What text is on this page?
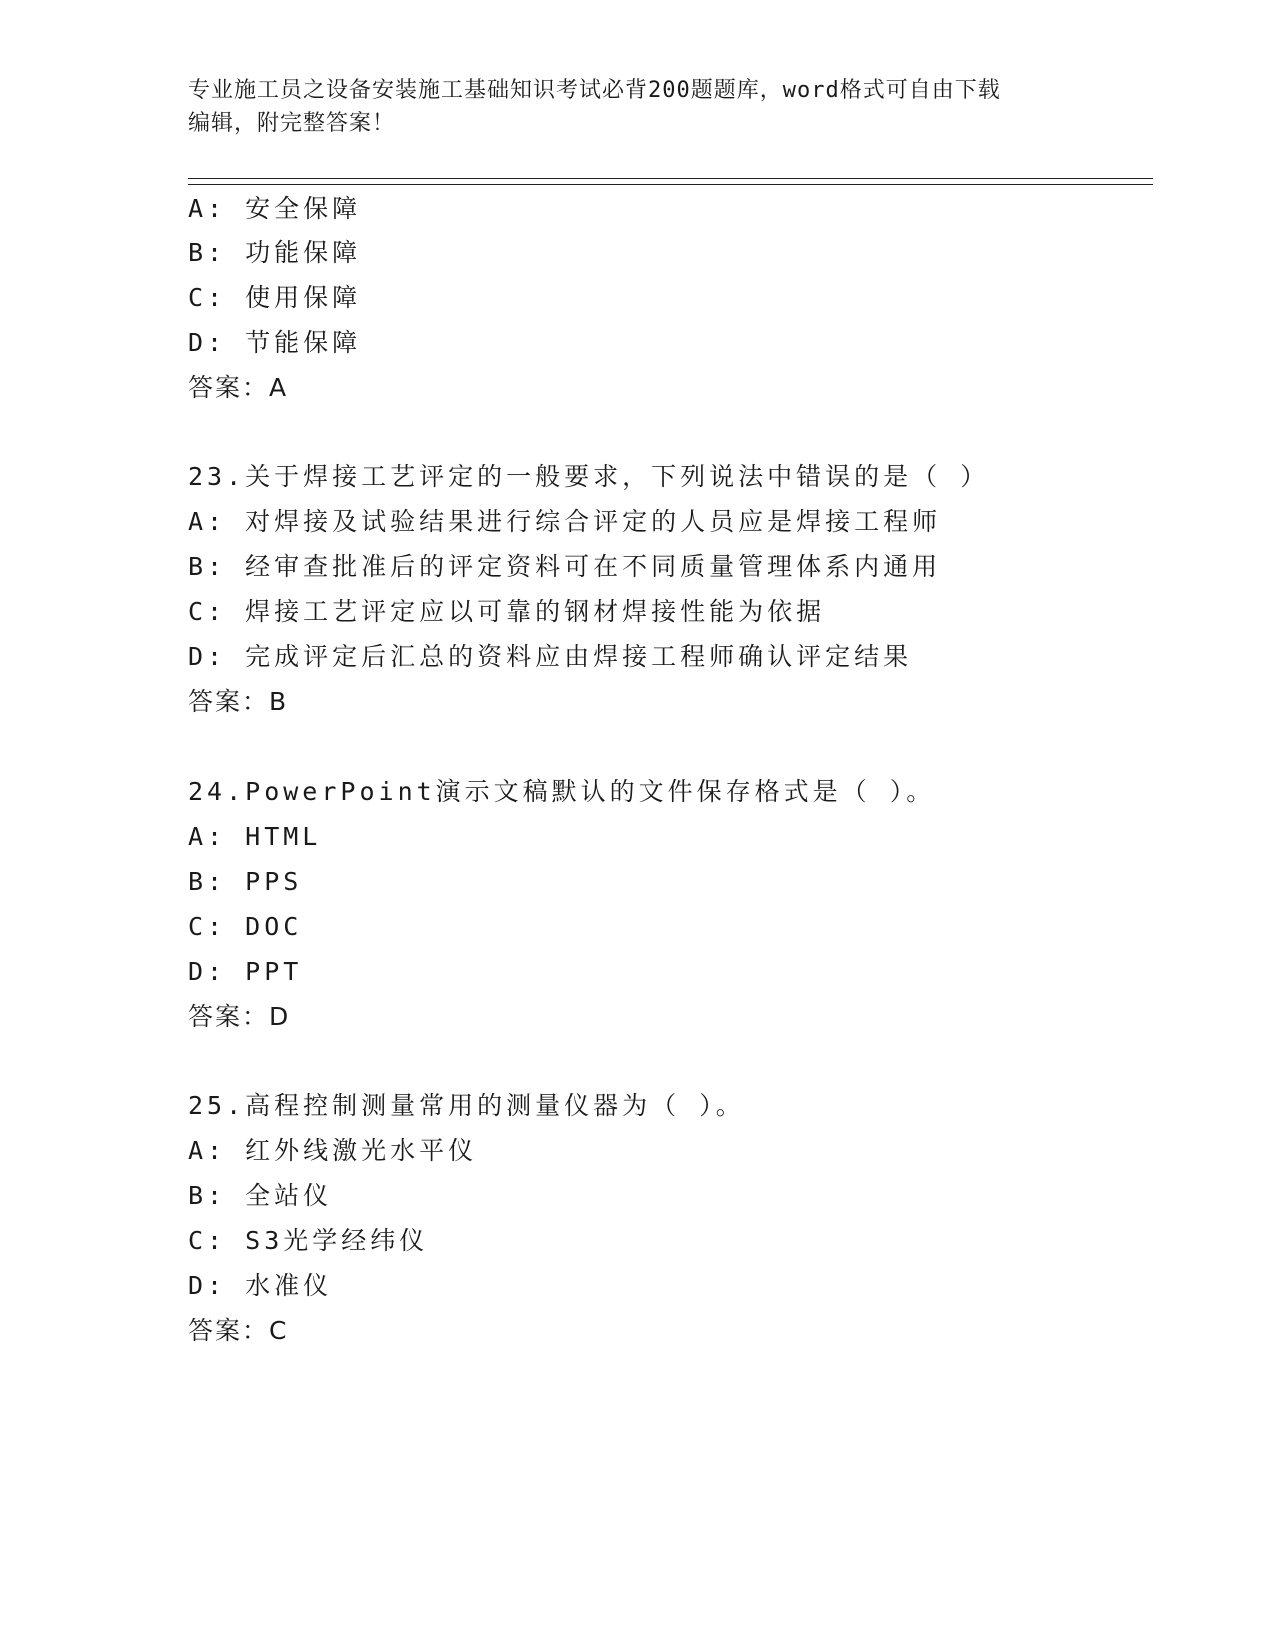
专业施工员之设备安装施工基础知识考试必背200题题库，word格式可自由下载
编辑，附完整答案！
A: 安全保障
B: 功能保障
C: 使用保障
D: 节能保障
答案：A
23.关于焊接工艺评定的一般要求，下列说法中错误的是（ ）
A: 对焊接及试验结果进行综合评定的人员应是焊接工程师
B: 经审查批准后的评定资料可在不同质量管理体系内通用
C: 焊接工艺评定应以可靠的钢材焊接性能为依据
D: 完成评定后汇总的资料应由焊接工程师确认评定结果
答案：B
24.PowerPoint演示文稿默认的文件保存格式是（ ）。
A: HTML
B: PPS
C: DOC
D: PPT
答案：D
25.高程控制测量常用的测量仪器为（ ）。
A: 红外线激光水平仪
B: 全站仪
C: S3光学经纬仪
D: 水准仪
答案：C
